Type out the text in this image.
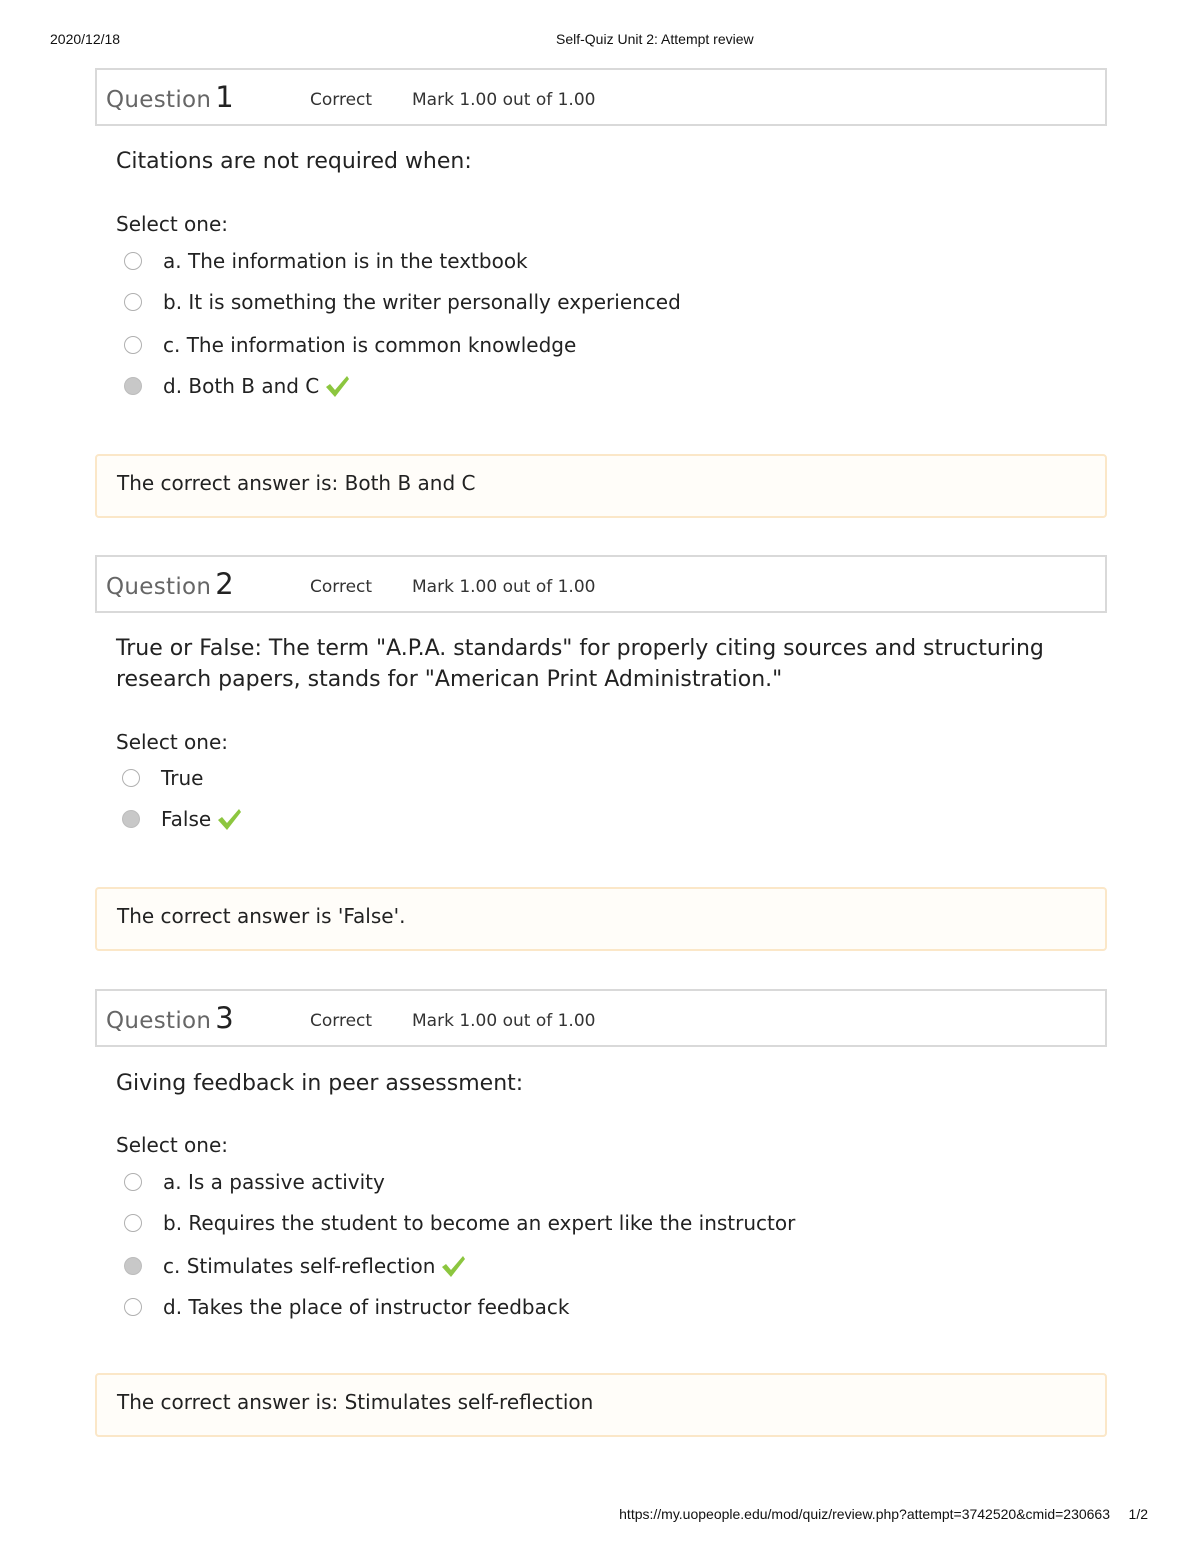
2020/12/18	Self-Quiz Unit 2: Attempt review
Question 1	Correct Mark 1.00 out of 1.00
Citations are not required when:
Select one:
a. The information is in the textbook
b. It is something the writer personally experienced
c. The information is common knowledge
d. Both B and C
The correct answer is: Both B and C
Question 2	Correct Mark 1.00 out of 1.00
True or False: The term "A.P.A. standards" for properly citing sources and structuring research papers, stands for "American Print Administration."
Select one:
True
False
The correct answer is 'False'.
Question 3	Correct Mark 1.00 out of 1.00
Giving feedback in peer assessment:
Select one:
a. Is a passive activity
b. Requires the student to become an expert like the instructor
c. Stimulates self-reflection
d. Takes the place of instructor feedback
The correct answer is: Stimulates self-reflection
https://my.uopeople.edu/mod/quiz/review.php?attempt=3742520&cmid=230663 1/2
